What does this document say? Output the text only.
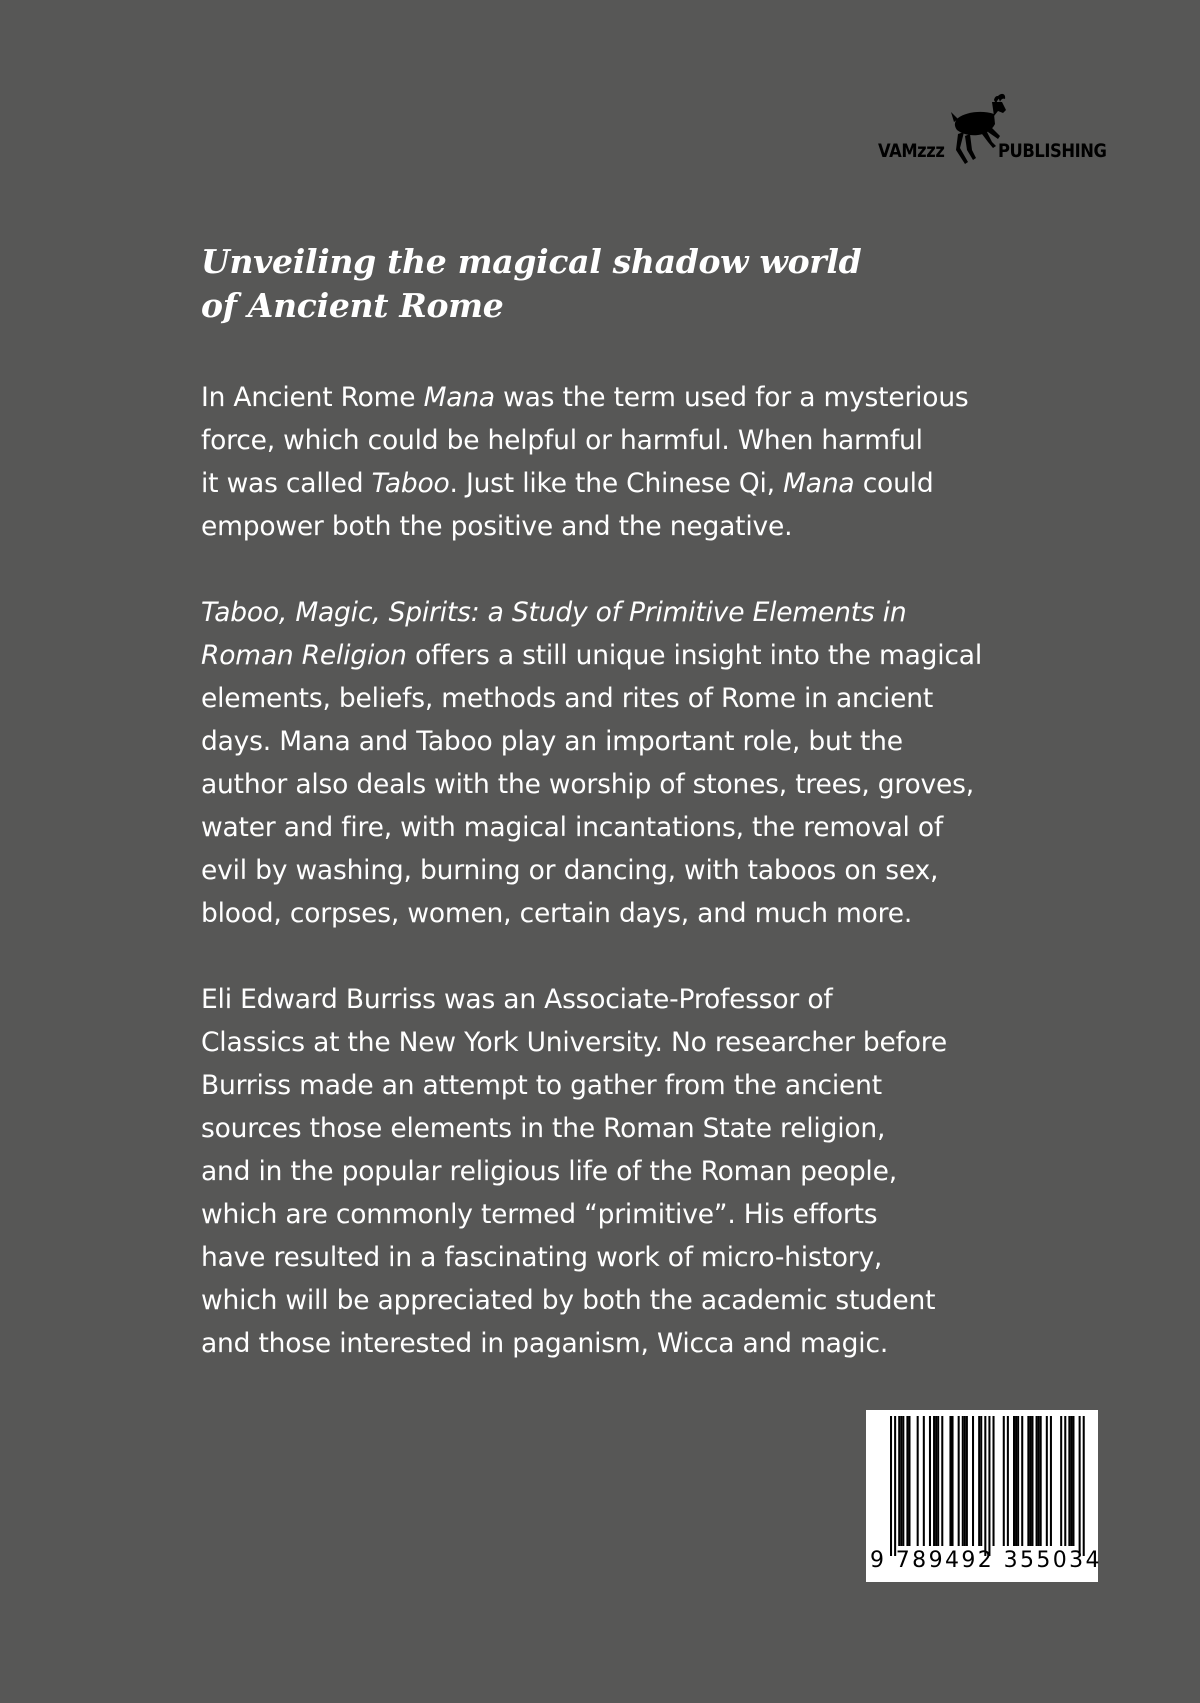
VAMzzz	PUBLISHING
Unveiling the magical shadow world
of Ancient Rome

In Ancient Rome Mana was the term used for a mysterious
force, which could be helpful or harmful. When harmful
it was called Taboo. Just like the Chinese Qi, Mana could
empower both the positive and the negative.

Taboo, Magic, Spirits: a Study of Primitive Elements in
Roman Religion offers a still unique insight into the magical
elements, beliefs, methods and rites of Rome in ancient
days. Mana and Taboo play an important role, but the
author also deals with the worship of stones, trees, groves,
water and fire, with magical incantations, the removal of
evil by washing, burning or dancing, with taboos on sex,
blood, corpses, women, certain days, and much more.

Eli Edward Burriss was an Associate-Professor of
Classics at the New York University. No researcher before
Burriss made an attempt to gather from the ancient
sources those elements in the Roman State religion,
and in the popular religious life of the Roman people,
which are commonly termed “primitive”. His efforts
have resulted in a fascinating work of micro-history,
which will be appreciated by both the academic student
and those interested in paganism, Wicca and magic.

9 789492 355034
